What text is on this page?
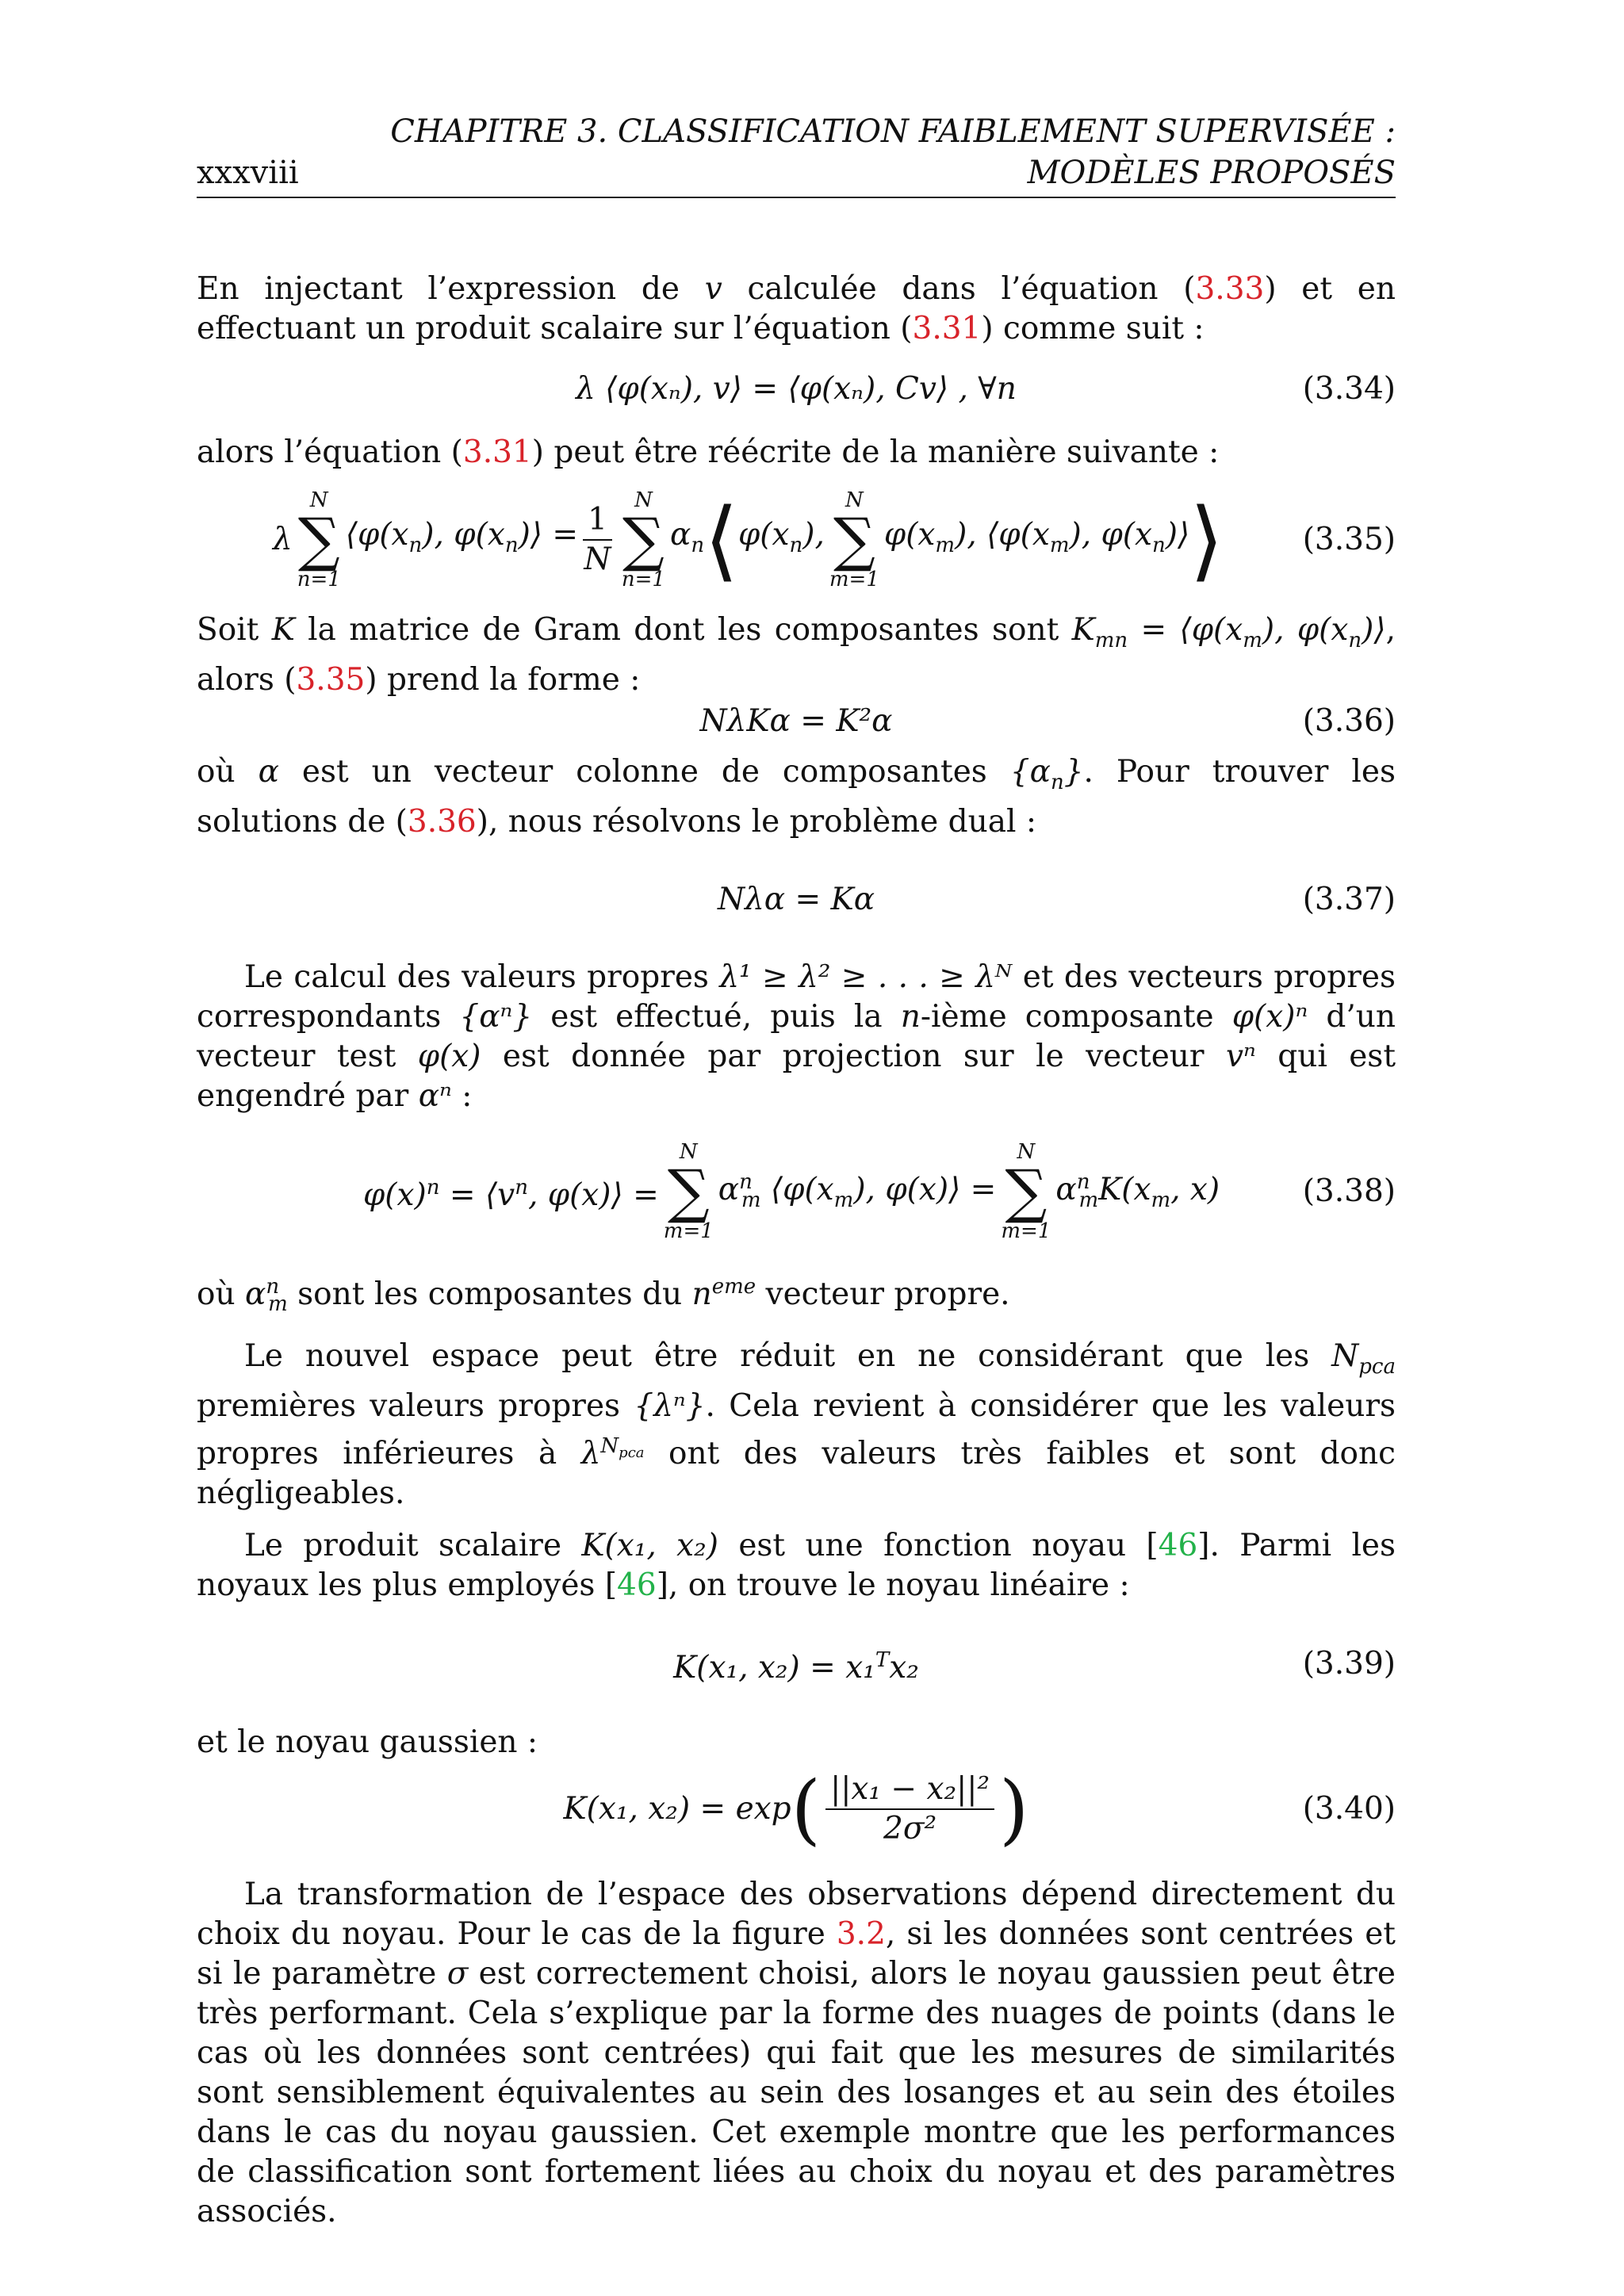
CHAPITRE 3. CLASSIFICATION FAIBLEMENT SUPERVISÉE :
xxxviii	MODÈLES PROPOSÉS

En injectant l’expression de v calculée dans l’équation (3.33) et en effectuant un produit scalaire sur l’équation (3.31) comme suit :

λ ⟨φ(xₙ), v⟩ = ⟨φ(xₙ), Cv⟩ , ∀n	(3.34)

alors l’équation (3.31) peut être réécrite de la manière suivante :

λ
N
∑
n=1
$⟨\varphi(x_n)$, $\varphi(x_n)⟩ = \frac{1}{N}$
N
∑
n=1
$\alpha_n$ ⟨ $\varphi(x_n)$,
N
∑
m=1
$\varphi(x_m)$, $⟨\varphi(x_m)$, $\varphi(x_n)⟩$ ⟩	(3.35)

Soit K la matrice de Gram dont les composantes sont $K_{mn}$ = $⟨\varphi(x_m)$, $\varphi(x_n)⟩$, alors (3.35) prend la forme :

NλKα = K²α	(3.36)

où α est un vecteur colonne de composantes $\{\alpha_n\}$. Pour trouver les solutions de (3.36), nous résolvons le problème dual :

Nλα = Kα	(3.37)

Le calcul des valeurs propres λ¹ ≥ λ² ≥ . . . ≥ λᴺ et des vecteurs propres correspondants {αⁿ} est effectué, puis la n-ième composante φ(x)ⁿ d’un vecteur test φ(x) est donnée par projection sur le vecteur vⁿ qui est engendré par αⁿ :

$\varphi(x)^n$ = $⟨v^n$, φ(x)⟩ =
N
∑
m=1
$\alpha^n_m$ $⟨\varphi(x_m)$, φ(x)⟩ =
N
∑
m=1
$\alpha^n_mK(x_m$, x)	(3.38)

où $\alpha^n_m$ sont les composantes du $n^{eme}$ vecteur propre.

Le nouvel espace peut être réduit en ne considérant que les $N_{pca}$ premières valeurs propres {λⁿ}. Cela revient à considérer que les valeurs propres inférieures à $\lambda^{N_{pca}}$ ont des valeurs très faibles et sont donc négligeables.

Le produit scalaire K(x₁, x₂) est une fonction noyau [46]. Parmi les noyaux les plus employés [46], on trouve le noyau linéaire :

K(x₁, x₂) = x₁$^T$x₂	(3.39)

et le noyau gaussien :

K(x₁, x₂) = exp ( $\frac{\text{||x₁ − x₂||²}}{\text{2σ²}}$ )	(3.40)

La transformation de l’espace des observations dépend directement du choix du noyau. Pour le cas de la figure 3.2, si les données sont centrées et si le paramètre σ est correctement choisi, alors le noyau gaussien peut être très performant. Cela s’explique par la forme des nuages de points (dans le cas où les données sont centrées) qui fait que les mesures de similarités sont sensiblement équivalentes au sein des losanges et au sein des étoiles dans le cas du noyau gaussien. Cet exemple montre que les performances de classification sont fortement liées au choix du noyau et des paramètres associés.
